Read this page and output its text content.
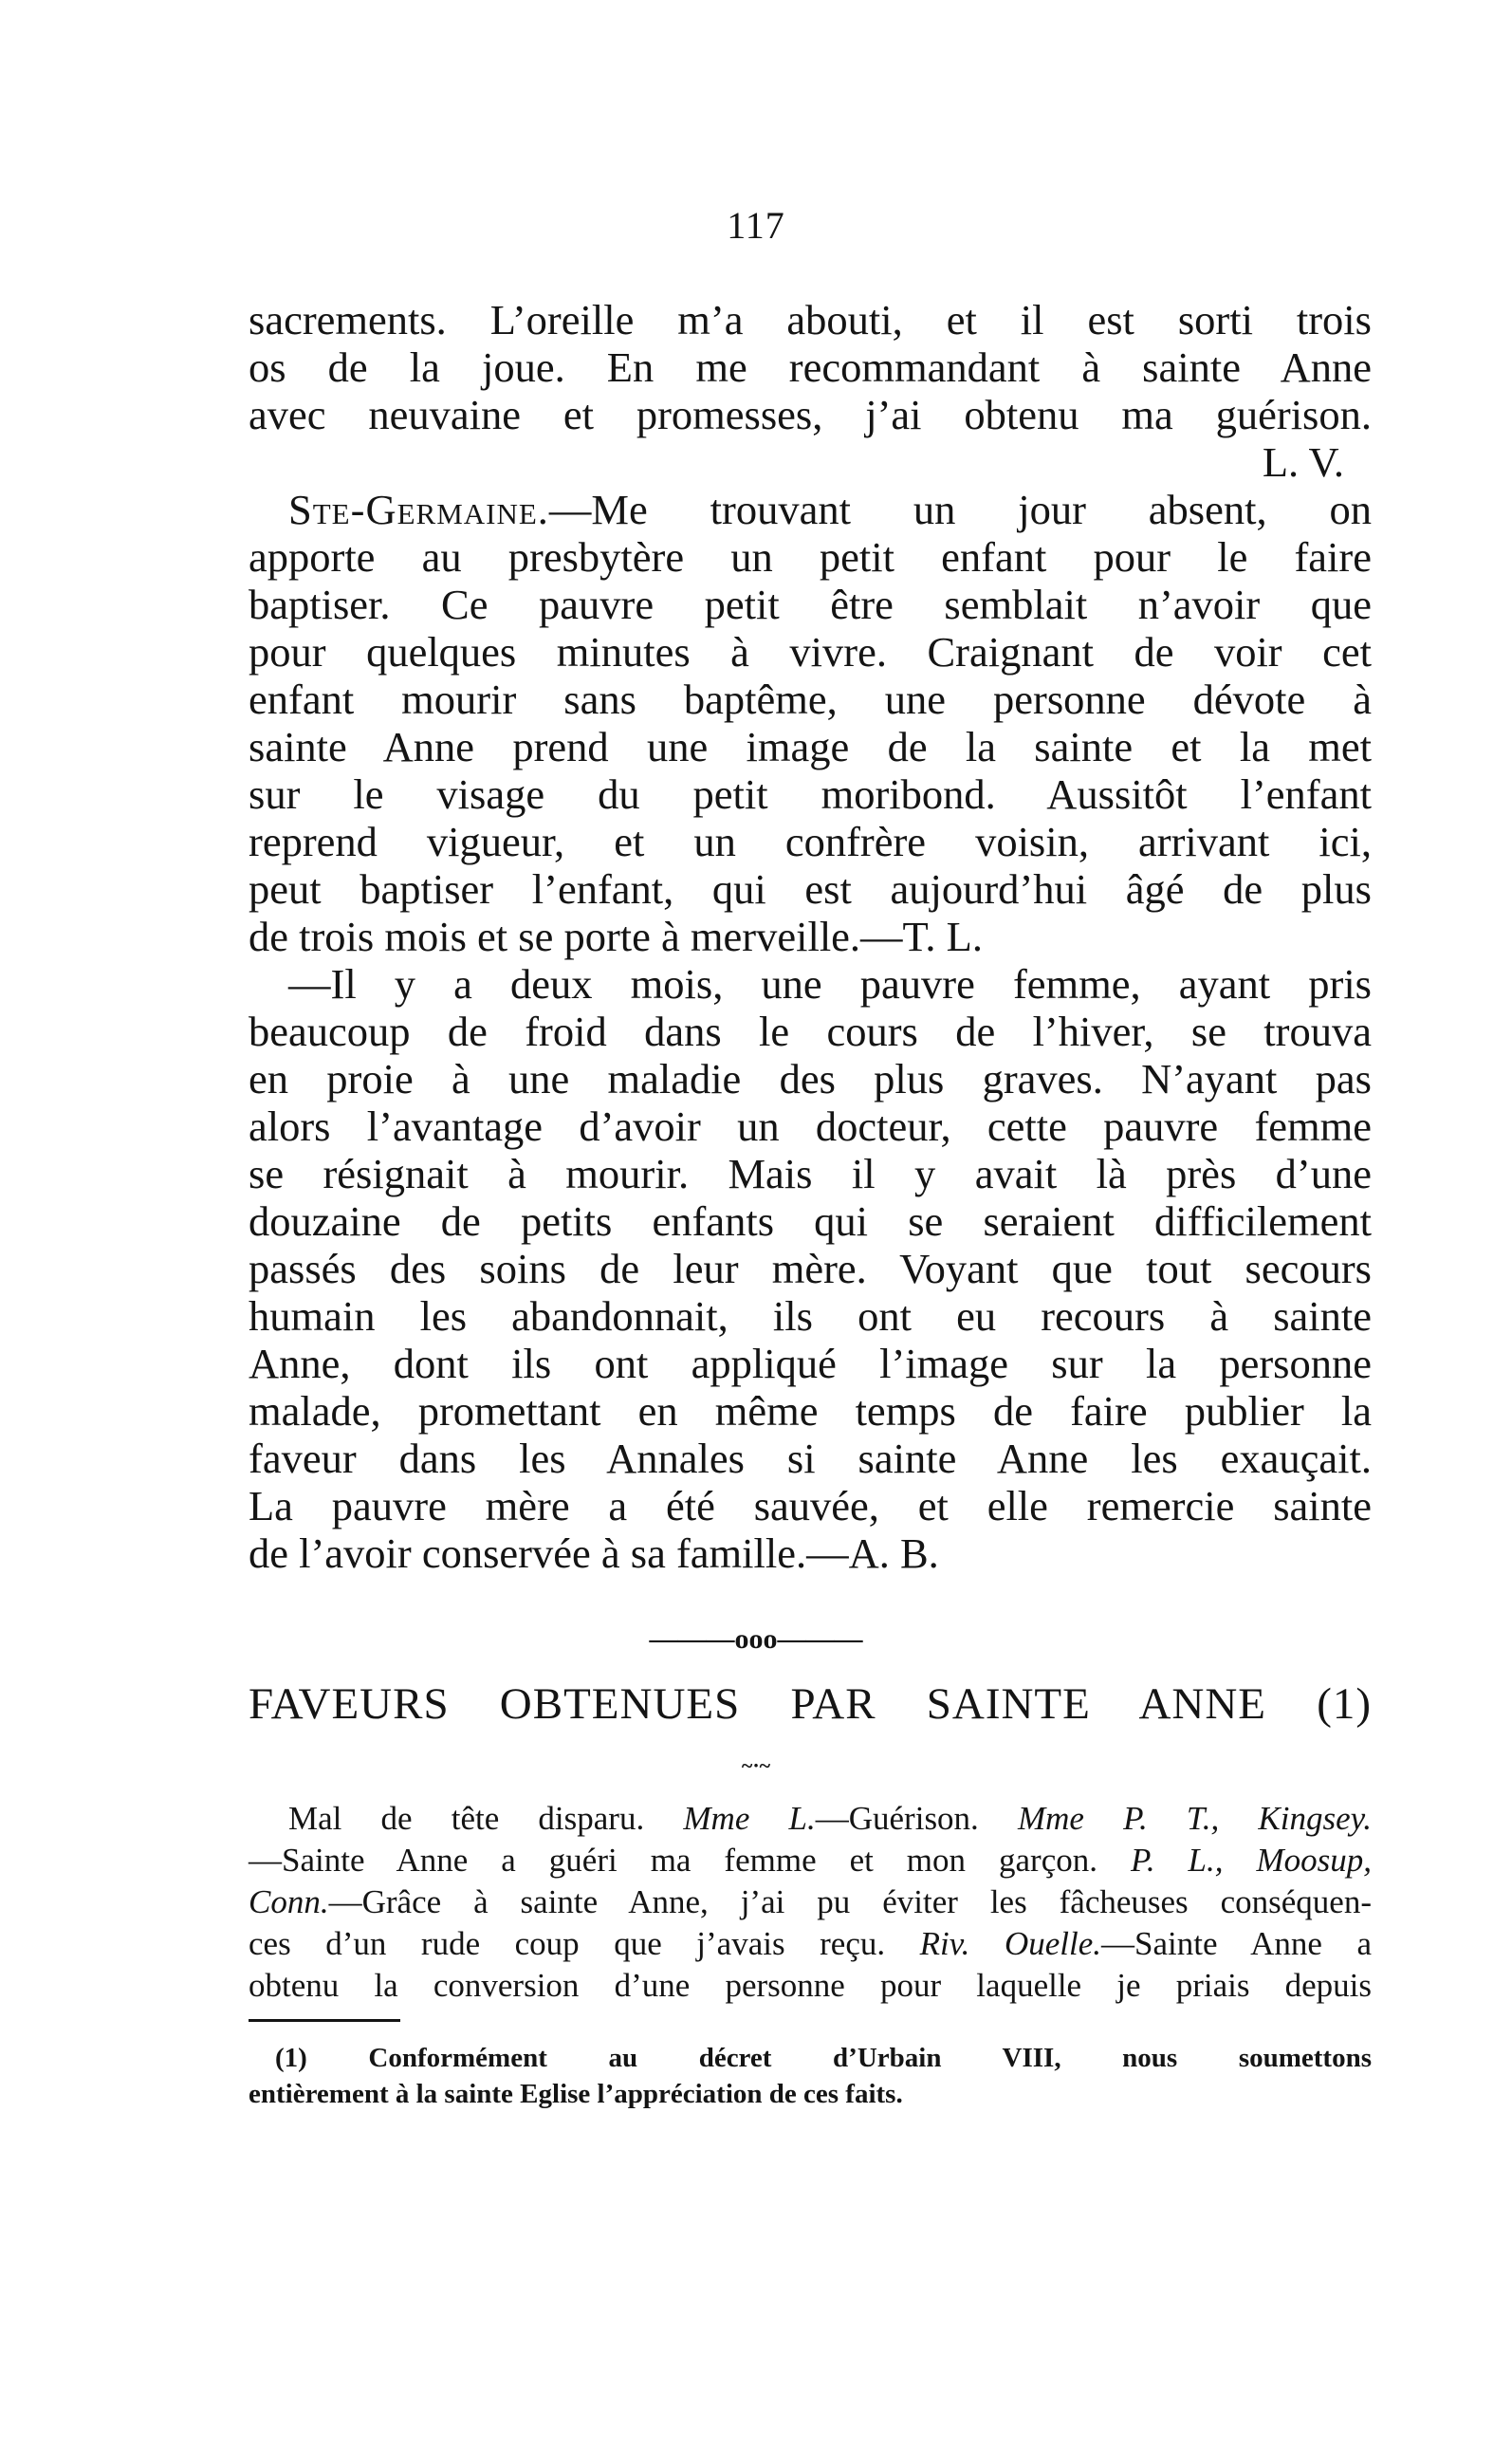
117
sacrements. L’oreille m’a abouti, et il est sorti trois
os de la joue. En me recommandant à sainte Anne
avec neuvaine et promesses, j’ai obtenu ma guérison.
L. V.
Ste-Germaine.—Me trouvant un jour absent, on
apporte au presbytère un petit enfant pour le faire
baptiser. Ce pauvre petit être semblait n’avoir que
pour quelques minutes à vivre. Craignant de voir cet
enfant mourir sans baptême, une personne dévote à
sainte Anne prend une image de la sainte et la met
sur le visage du petit moribond. Aussitôt l’enfant
reprend vigueur, et un confrère voisin, arrivant ici,
peut baptiser l’enfant, qui est aujourd’hui âgé de plus
de trois mois et se porte à merveille.—T. L.
—Il y a deux mois, une pauvre femme, ayant pris
beaucoup de froid dans le cours de l’hiver, se trouva
en proie à une maladie des plus graves. N’ayant pas
alors l’avantage d’avoir un docteur, cette pauvre femme
se résignait à mourir. Mais il y avait là près d’une
douzaine de petits enfants qui se seraient difficilement
passés des soins de leur mère. Voyant que tout secours
humain les abandonnait, ils ont eu recours à sainte
Anne, dont ils ont appliqué l’image sur la personne
malade, promettant en même temps de faire publier la
faveur dans les Annales si sainte Anne les exauçait.
La pauvre mère a été sauvée, et elle remercie sainte
de l’avoir conservée à sa famille.—A. B.
———ooo———
FAVEURS OBTENUES PAR SAINTE ANNE (1)
~·~
Mal de tête disparu. Mme L.—Guérison. Mme P. T., Kingsey.
—Sainte Anne a guéri ma femme et mon garçon. P. L., Moosup,
Conn.—Grâce à sainte Anne, j’ai pu éviter les fâcheuses conséquen-
ces d’un rude coup que j’avais reçu. Riv. Ouelle.—Sainte Anne a
obtenu la conversion d’une personne pour laquelle je priais depuis
(1) Conformément au décret d’Urbain VIII, nous soumettons
entièrement à la sainte Eglise l’appréciation de ces faits.
